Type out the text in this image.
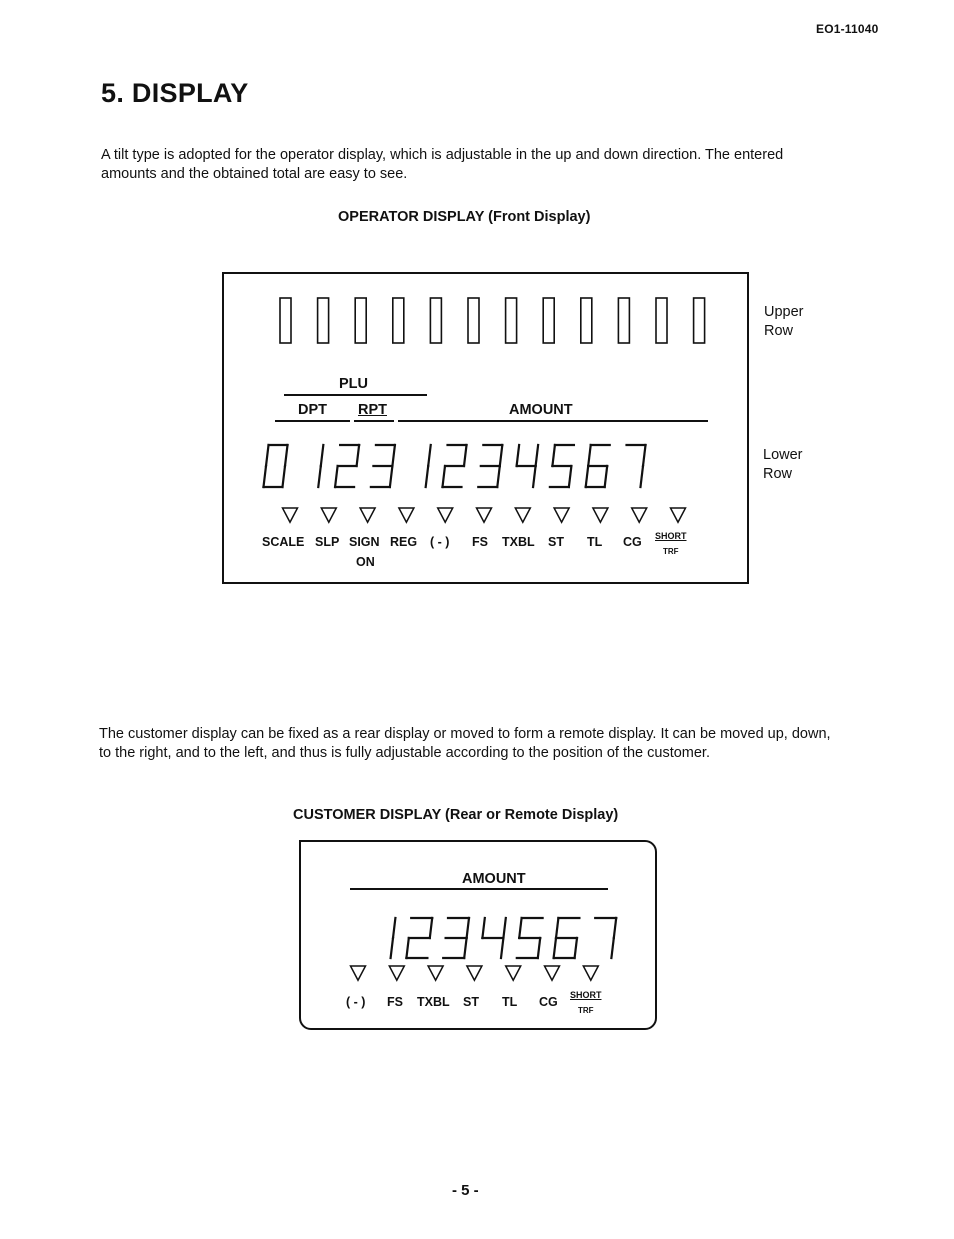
EO1-11040
5. DISPLAY
A tilt type is adopted for the operator display, which is adjustable in the up and down direction. The entered amounts and the obtained total are easy to see.
OPERATOR DISPLAY (Front Display)
Upper
Row
PLU
DPT RPT	AMOUNT
Lower
Row
SCALE SLP SIGN
ON
REG ( - ) FS TXBL ST TL CG SHORT
TRF
The customer display can be fixed as a rear display or moved to form a remote display. It can be moved up, down, to the right, and to the left, and thus is fully adjustable according to the position of the customer.
CUSTOMER DISPLAY (Rear or Remote Display)
AMOUNT
( - ) FS TXBL ST TL CG SHORT
TRF
- 5 -
